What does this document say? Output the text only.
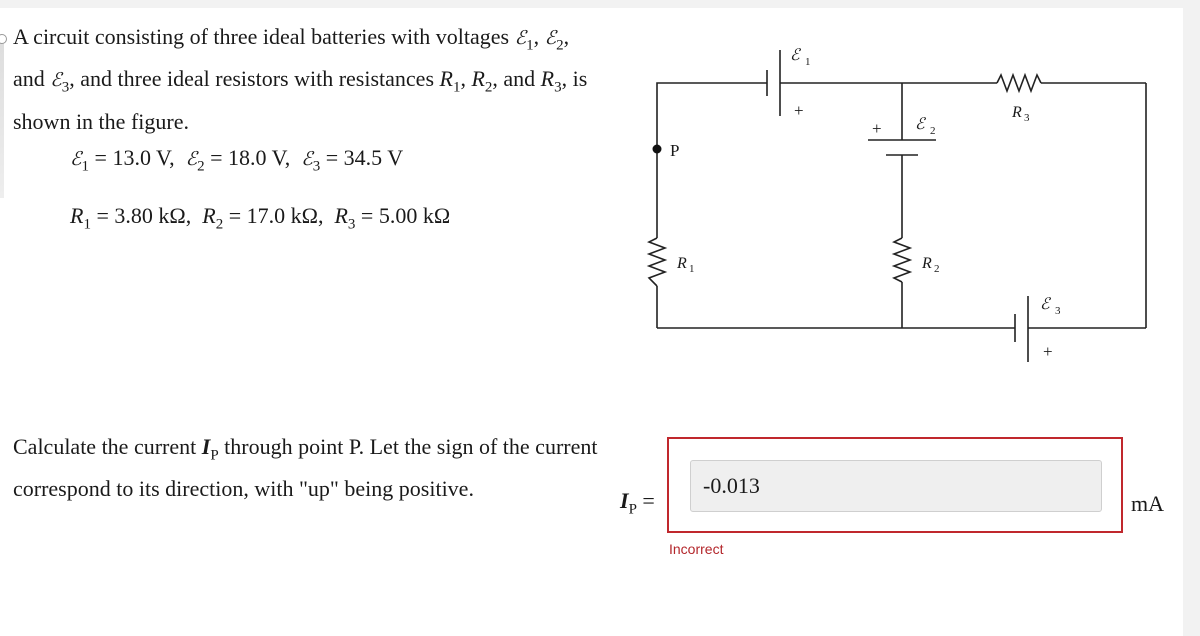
A circuit consisting of three ideal batteries with voltages ℰ$_1$, ℰ$_2$, and ℰ$_3$, and three ideal resistors with resistances $R_1$, $R_2$, and $R_3$, is shown in the figure.
ℰ$_1$ = 13.0 V,  ℰ$_2$ = 18.0 V,  ℰ$_3$ = 34.5 V
$R_1 = 3.80$ kΩ,  $R_2 = 17.0$ kΩ,  $R_3 = 5.00$ kΩ
P
ℰ 1
+
+ ℰ 2
R 3
R 1	R 2
ℰ 3
+
Calculate the current $I_P$ through point P. Let the sign of the current correspond to its direction, with "up" being positive.	$I_P$ =
-0.013	mA
Incorrect
